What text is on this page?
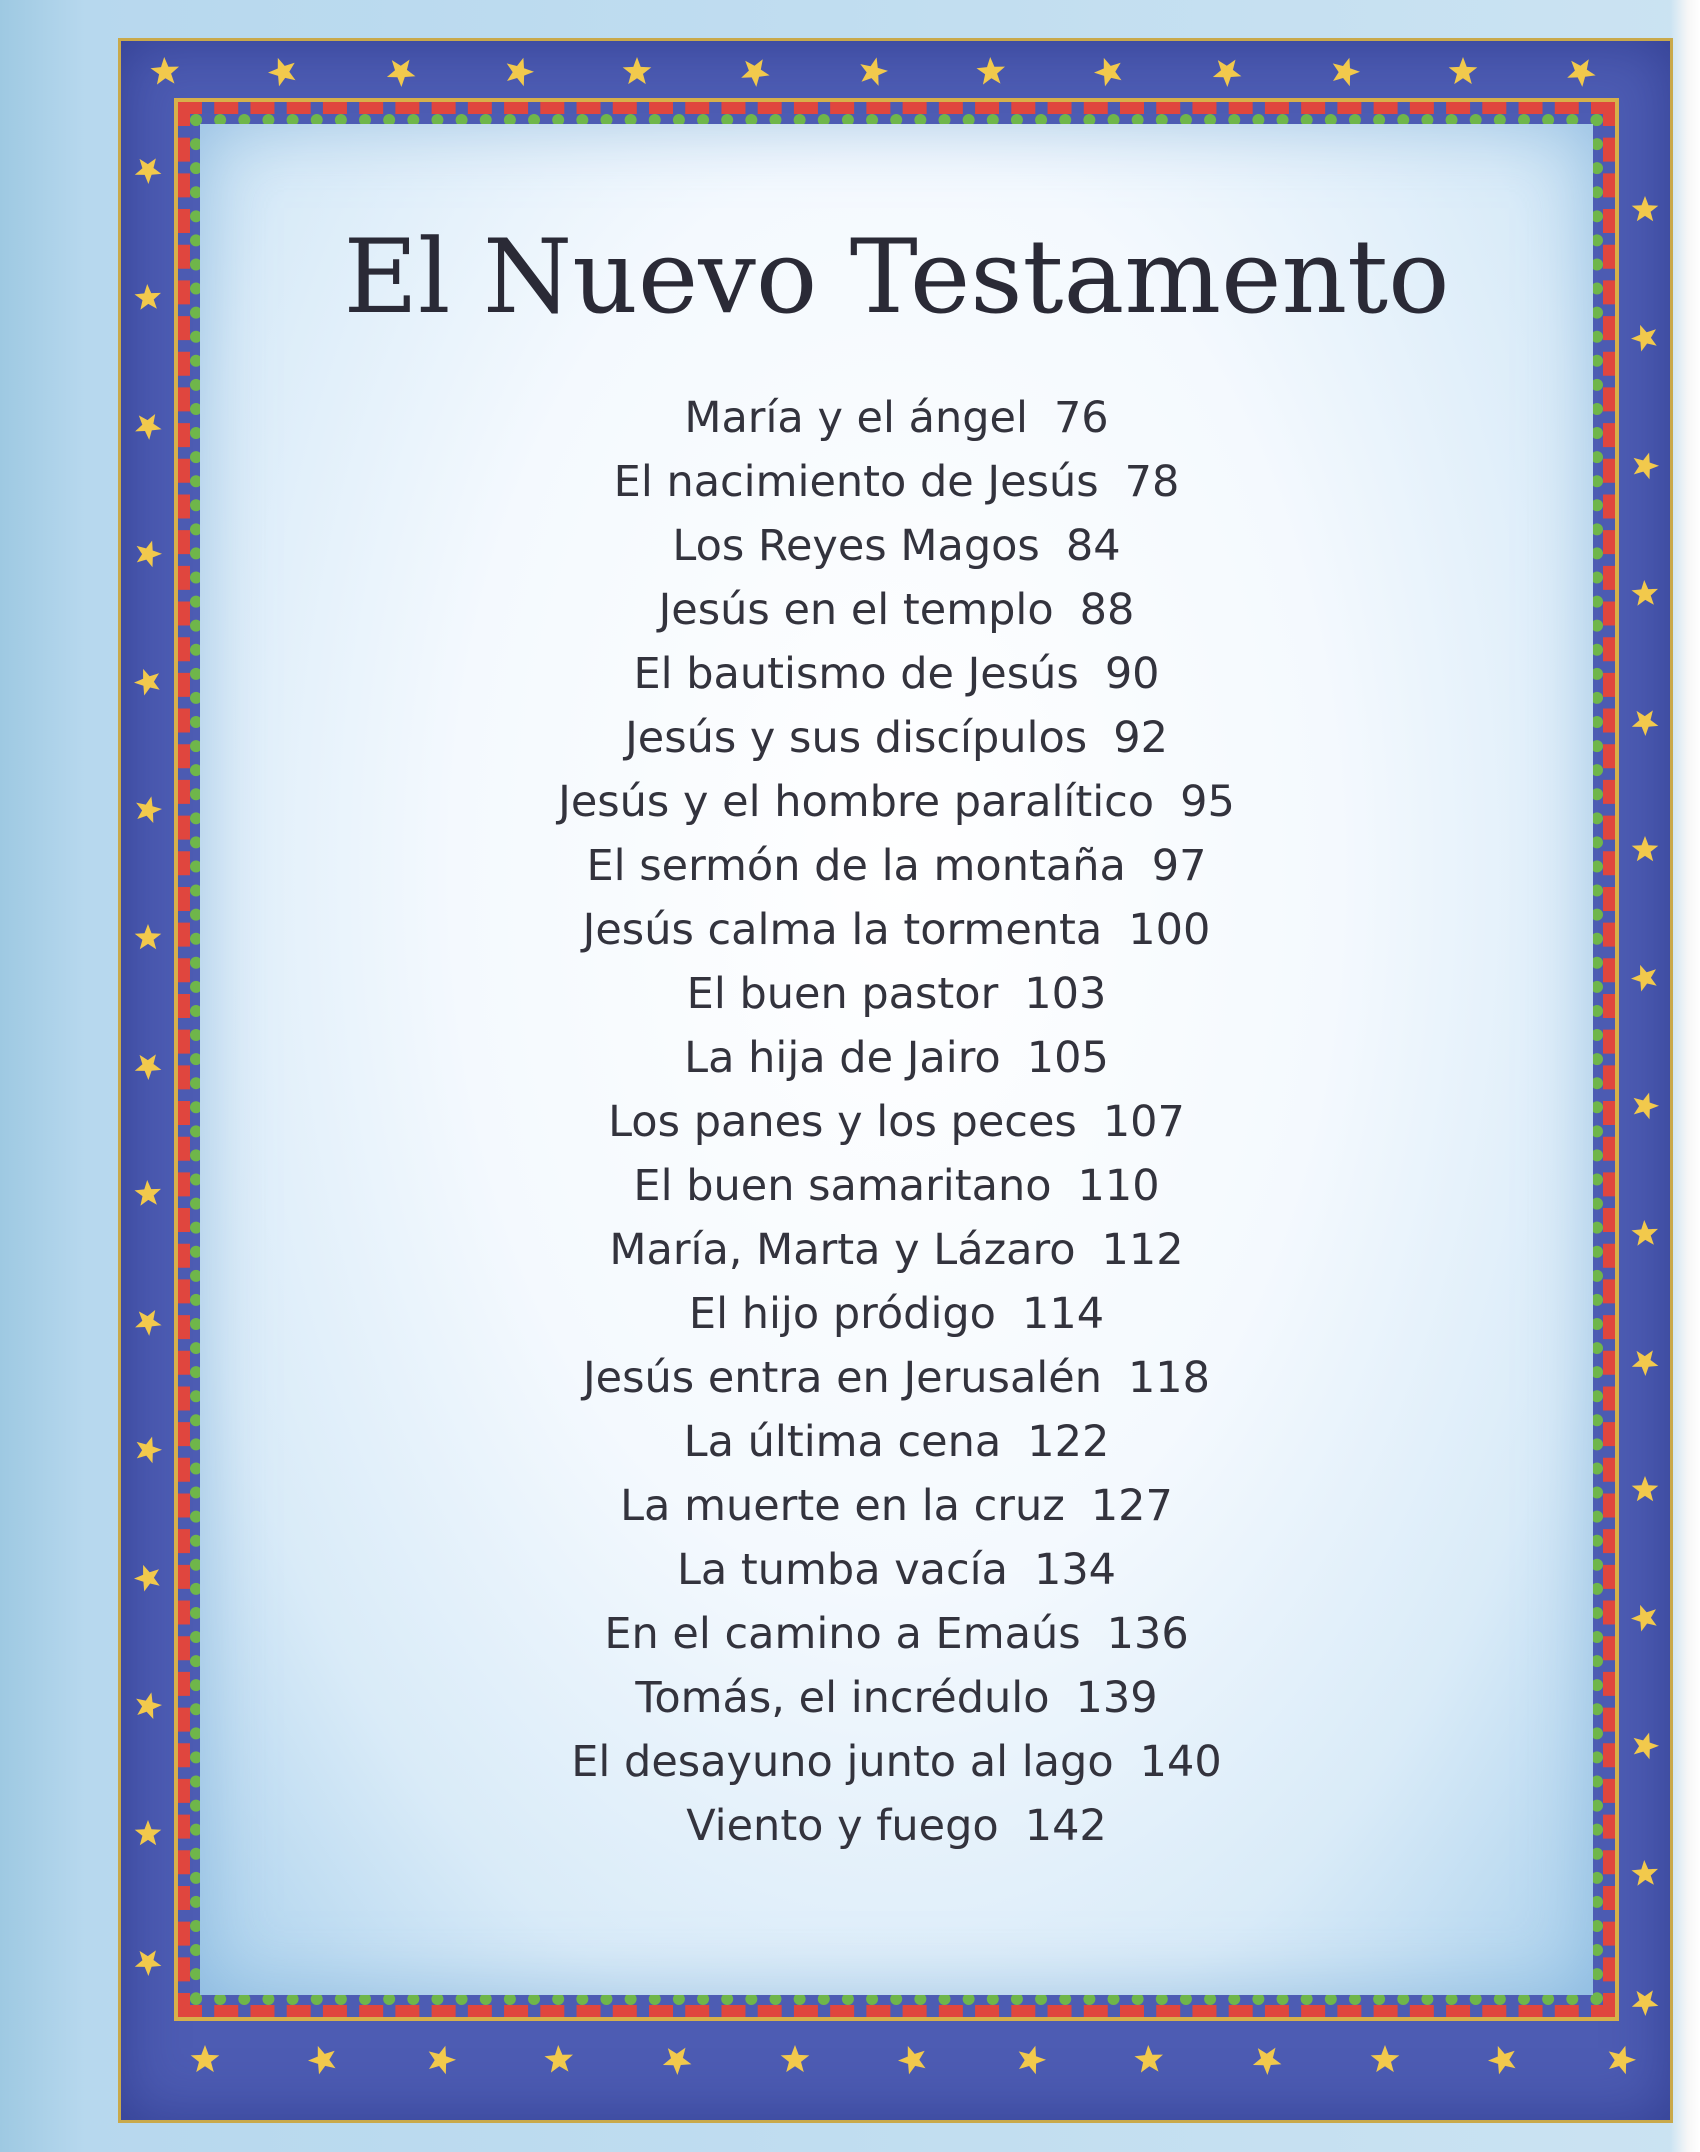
El Nuevo Testamento
María y el ángel 76
El nacimiento de Jesús 78
Los Reyes Magos 84
Jesús en el templo 88
El bautismo de Jesús 90
Jesús y sus discípulos 92
Jesús y el hombre paralítico 95
El sermón de la montaña 97
Jesús calma la tormenta 100
El buen pastor 103
La hija de Jairo 105
Los panes y los peces 107
El buen samaritano 110
María, Marta y Lázaro 112
El hijo pródigo 114
Jesús entra en Jerusalén 118
La última cena 122
La muerte en la cruz 127
La tumba vacía 134
En el camino a Emaús 136
Tomás, el incrédulo 139
El desayuno junto al lago 140
Viento y fuego 142
